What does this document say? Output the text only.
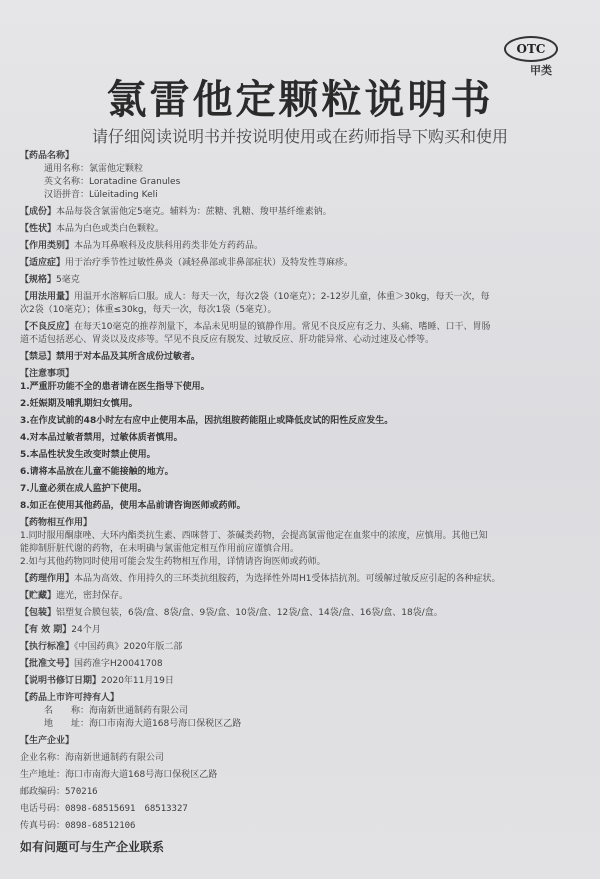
OTC
甲类
氯雷他定颗粒说明书
请仔细阅读说明书并按说明使用或在药师指导下购买和使用
【药品名称】
通用名称：氯雷他定颗粒
英文名称：Loratadine Granules
汉语拼音：Lüleitading Keli
【成份】本品每袋含氯雷他定5毫克。辅料为：蔗糖、乳糖、羧甲基纤维素钠。
【性状】本品为白色或类白色颗粒。
【作用类别】本品为耳鼻喉科及皮肤科用药类非处方药药品。
【适应症】用于治疗季节性过敏性鼻炎（减轻鼻部或非鼻部症状）及特发性荨麻疹。
【规格】5毫克
【用法用量】用温开水溶解后口服。成人：每天一次，每次2袋（10毫克）；2-12岁儿童，体重＞30kg，每天一次，每
次2袋（10毫克）；体重≤30kg，每天一次，每次1袋（5毫克）。
【不良反应】在每天10毫克的推荐剂量下，本品未见明显的镇静作用。常见不良反应有乏力、头痛、嗜睡、口干、胃肠
道不适包括恶心、胃炎以及皮疹等。罕见不良反应有脱发、过敏反应、肝功能异常、心动过速及心悸等。
【禁忌】禁用于对本品及其所含成份过敏者。
【注意事项】
1.严重肝功能不全的患者请在医生指导下使用。
2.妊娠期及哺乳期妇女慎用。
3.在作皮试前的48小时左右应中止使用本品，因抗组胺药能阻止或降低皮试的阳性反应发生。
4.对本品过敏者禁用，过敏体质者慎用。
5.本品性状发生改变时禁止使用。
6.请将本品放在儿童不能接触的地方。
7.儿童必须在成人监护下使用。
8.如正在使用其他药品，使用本品前请咨询医师或药师。
【药物相互作用】
1.同时服用酮康唑、大环内酯类抗生素、西咪替丁、茶碱类药物，会提高氯雷他定在血浆中的浓度，应慎用。其他已知
能抑制肝脏代谢的药物，在未明确与氯雷他定相互作用前应谨慎合用。
2.如与其他药物同时使用可能会发生药物相互作用，详情请咨询医师或药师。
【药理作用】本品为高效、作用持久的三环类抗组胺药，为选择性外周H1受体拮抗剂。可缓解过敏反应引起的各种症状。
【贮藏】遮光，密封保存。
【包装】铝塑复合膜包装，6袋/盒、8袋/盒、9袋/盒、10袋/盒、12袋/盒、14袋/盒、16袋/盒、18袋/盒。
【有 效 期】24个月
【执行标准】《中国药典》2020年版二部
【批准文号】国药准字H20041708
【说明书修订日期】2020年11月19日
【药品上市许可持有人】
名　　称：海南新世通制药有限公司
地　　址：海口市南海大道168号海口保税区乙路
【生产企业】
企业名称：海南新世通制药有限公司
生产地址：海口市南海大道168号海口保税区乙路
邮政编码：570216
电话号码：0898-68515691　68513327
传真号码：0898-68512106
如有问题可与生产企业联系
